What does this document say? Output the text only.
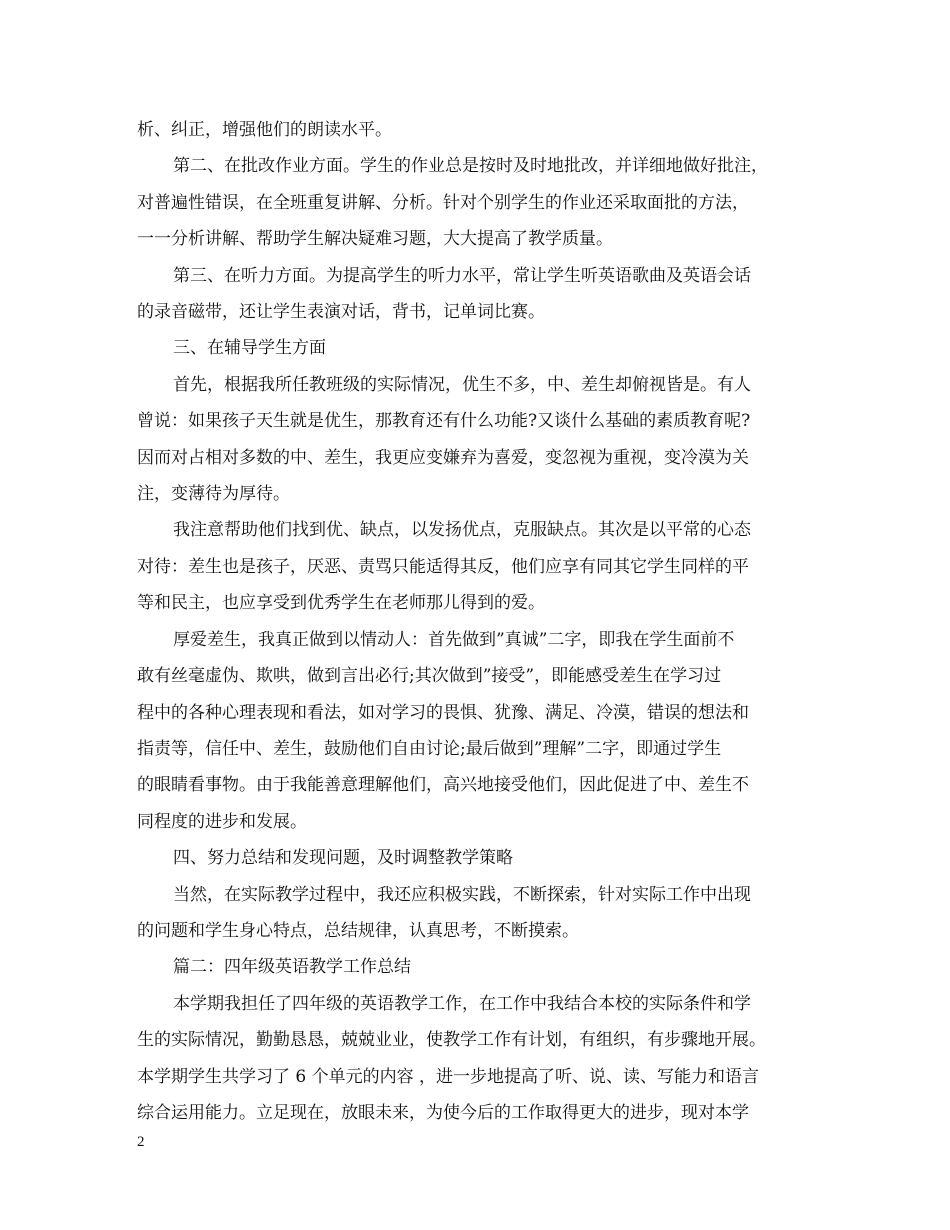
析、纠正，增强他们的朗读水平。

第二、在批改作业方面。学生的作业总是按时及时地批改，并详细地做好批注，
对普遍性错误，在全班重复讲解、分析。针对个别学生的作业还采取面批的方法，
一一分析讲解、帮助学生解决疑难习题，大大提高了教学质量。

第三、在听力方面。为提高学生的听力水平，常让学生听英语歌曲及英语会话
的录音磁带，还让学生表演对话，背书，记单词比赛。

三、在辅导学生方面

首先，根据我所任教班级的实际情况，优生不多，中、差生却俯视皆是。有人
曾说：如果孩子天生就是优生，那教育还有什么功能?又谈什么基础的素质教育呢?
因而对占相对多数的中、差生，我更应变嫌弃为喜爱，变忽视为重视，变冷漠为关
注，变薄待为厚待。

我注意帮助他们找到优、缺点，以发扬优点，克服缺点。其次是以平常的心态
对待：差生也是孩子，厌恶、责骂只能适得其反，他们应享有同其它学生同样的平
等和民主，也应享受到优秀学生在老师那儿得到的爱。

厚爱差生，我真正做到以情动人：首先做到”真诚”二字，即我在学生面前不
敢有丝毫虚伪、欺哄，做到言出必行;其次做到”接受”，即能感受差生在学习过
程中的各种心理表现和看法，如对学习的畏惧、犹豫、满足、冷漠，错误的想法和
指责等，信任中、差生，鼓励他们自由讨论;最后做到”理解”二字，即通过学生
的眼睛看事物。由于我能善意理解他们，高兴地接受他们，因此促进了中、差生不
同程度的进步和发展。

四、努力总结和发现问题，及时调整教学策略

当然，在实际教学过程中，我还应积极实践，不断探索，针对实际工作中出现
的问题和学生身心特点，总结规律，认真思考，不断摸索。

篇二：四年级英语教学工作总结

本学期我担任了四年级的英语教学工作，在工作中我结合本校的实际条件和学
生的实际情况，勤勤恳恳，兢兢业业，使教学工作有计划，有组织，有步骤地开展。
本学期学生共学习了 6 个单元的内容 ，进一步地提高了听、说、读、写能力和语言
综合运用能力。立足现在，放眼未来，为使今后的工作取得更大的进步，现对本学

2
